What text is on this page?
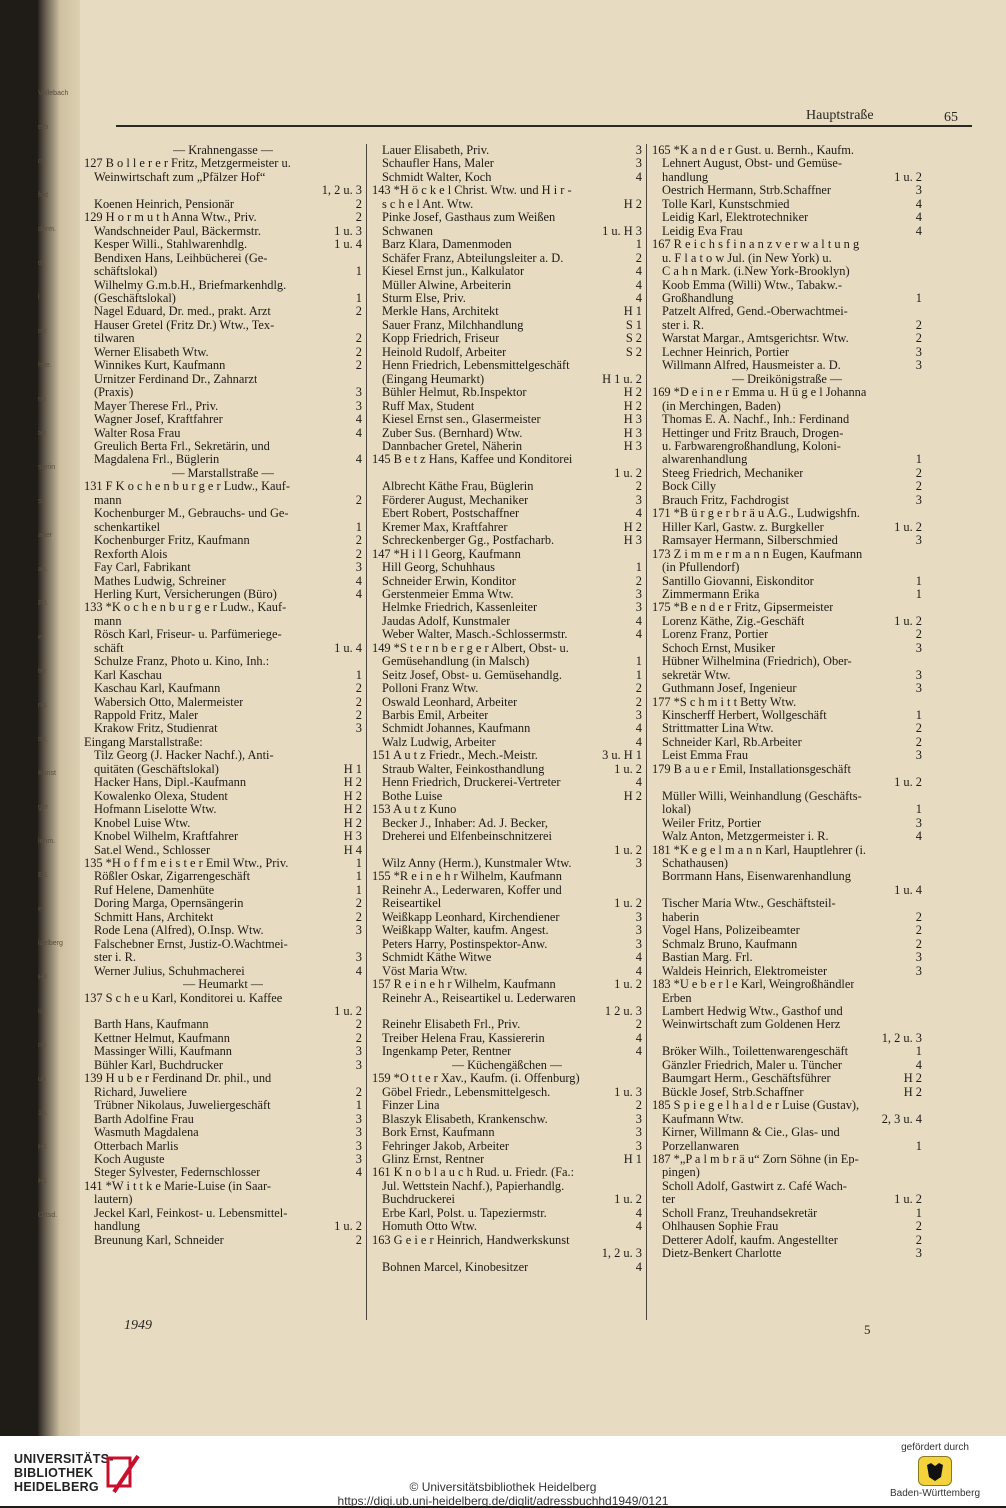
Vollebach
erb
o
frat
derm.
d.
l
ntr.
hfte.
ng
ter
sterin
st
ader
ab.
Frl.
e
ter
ng.
mi,
Kunst
ger
lehm.
Erl.
e
ldelberg
H3
u.
nh
uh
1u.
H1
H1
Ortsd.
Hauptstraße	65
— Krahnengasse —
127 B o l l e r e r Fritz, Metzgermeister u.
Weinwirtschaft zum „Pfälzer Hof“
1, 2 u. 3
Koenen Heinrich, Pensionär	2
129 H o r m u t h Anna Wtw., Priv.	2
Wandschneider Paul, Bäckermstr.	1 u. 3
Kesper Willi., Stahlwarenhdlg.	1 u. 4
Bendixen Hans, Leihbücherei (Ge-
schäftslokal)	1
Wilhelmy G.m.b.H., Briefmarkenhdlg.
(Geschäftslokal)	1
Nagel Eduard, Dr. med., prakt. Arzt	2
Hauser Gretel (Fritz Dr.) Wtw., Tex-
tilwaren	2
Werner Elisabeth Wtw.	2
Winnikes Kurt, Kaufmann	2
Urnitzer Ferdinand Dr., Zahnarzt
(Praxis)	3
Mayer Therese Frl., Priv.	3
Wagner Josef, Kraftfahrer	4
Walter Rosa Frau	4
Greulich Berta Frl., Sekretärin, und
Magdalena Frl., Büglerin	4
— Marstallstraße —
131 F K o c h e n b u r g e r Ludw., Kauf-
mann	2
Kochenburger M., Gebrauchs- und Ge-
schenkartikel	1
Kochenburger Fritz, Kaufmann	2
Rexforth Alois	2
Fay Carl, Fabrikant	3
Mathes Ludwig, Schreiner	4
Herling Kurt, Versicherungen (Büro)	4
133 *K o c h e n b u r g e r Ludw., Kauf-
mann
Rösch Karl, Friseur- u. Parfümeriege-
schäft	1 u. 4
Schulze Franz, Photo u. Kino, Inh.:
Karl Kaschau	1
Kaschau Karl, Kaufmann	2
Wabersich Otto, Malermeister	2
Rappold Fritz, Maler	2
Krakow Fritz, Studienrat	3
Eingang Marstallstraße:
Tilz Georg (J. Hacker Nachf.), Anti-
quitäten (Geschäftslokal)	H 1
Hacker Hans, Dipl.-Kaufmann	H 2
Kowalenko Olexa, Student	H 2
Hofmann Liselotte Wtw.	H 2
Knobel Luise Wtw.	H 2
Knobel Wilhelm, Kraftfahrer	H 3
Sat.el Wend., Schlosser	H 4
135 *H o f f m e i s t e r Emil Wtw., Priv.	1
Rößler Oskar, Zigarrengeschäft	1
Ruf Helene, Damenhüte	1
Doring Marga, Opernsängerin	2
Schmitt Hans, Architekt	2
Rode Lena (Alfred), O.Insp. Wtw.	3
Falschebner Ernst, Justiz-O.Wachtmei-
ster i. R.	3
Werner Julius, Schuhmacherei	4
— Heumarkt —
137 S c h e u Karl, Konditorei u. Kaffee
1 u. 2
Barth Hans, Kaufmann	2
Kettner Helmut, Kaufmann	2
Massinger Willi, Kaufmann	3
Bühler Karl, Buchdrucker	3
139 H u b e r Ferdinand Dr. phil., und
Richard, Juweliere	2
Trübner Nikolaus, Juweliergeschäft	1
Barth Adolfine Frau	3
Wasmuth Magdalena	3
Otterbach Marlis	3
Koch Auguste	3
Steger Sylvester, Federnschlosser	4
141 *W i t t k e Marie-Luise (in Saar-
lautern)
Jeckel Karl, Feinkost- u. Lebensmittel-
handlung	1 u. 2
Breunung Karl, Schneider	2
Lauer Elisabeth, Priv.	3
Schaufler Hans, Maler	3
Schmidt Walter, Koch	4
143 *H ö c k e l Christ. Wtw. und H i r -
s c h e l Ant. Wtw.	H 2
Pinke Josef, Gasthaus zum Weißen
Schwanen	1 u. H 3
Barz Klara, Damenmoden	1
Schäfer Franz, Abteilungsleiter a. D.	2
Kiesel Ernst jun., Kalkulator	4
Müller Alwine, Arbeiterin	4
Sturm Else, Priv.	4
Merkle Hans, Architekt	H 1
Sauer Franz, Milchhandlung	S 1
Kopp Friedrich, Friseur	S 2
Heinold Rudolf, Arbeiter	S 2
Henn Friedrich, Lebensmittelgeschäft
(Eingang Heumarkt)	H 1 u. 2
Bühler Helmut, Rb.Inspektor	H 2
Ruff Max, Student	H 2
Kiesel Ernst sen., Glasermeister	H 3
Zuber Sus. (Bernhard) Wtw.	H 3
Dannbacher Gretel, Näherin	H 3
145 B e t z Hans, Kaffee und Konditorei
1 u. 2
Albrecht Käthe Frau, Büglerin	2
Förderer August, Mechaniker	3
Ebert Robert, Postschaffner	4
Kremer Max, Kraftfahrer	H 2
Schreckenberger Gg., Postfacharb.	H 3
147 *H i l l Georg, Kaufmann
Hill Georg, Schuhhaus	1
Schneider Erwin, Konditor	2
Gerstenmeier Emma Wtw.	3
Helmke Friedrich, Kassenleiter	3
Jaudas Adolf, Kunstmaler	4
Weber Walter, Masch.-Schlossermstr.	4
149 *S t e r n b e r g e r Albert, Obst- u.
Gemüsehandlung (in Malsch)	1
Seitz Josef, Obst- u. Gemüsehandlg.	1
Polloni Franz Wtw.	2
Oswald Leonhard, Arbeiter	2
Barbis Emil, Arbeiter	3
Schmidt Johannes, Kaufmann	4
Walz Ludwig, Arbeiter	4
151 A u t z Friedr., Mech.-Meistr.	3 u. H 1
Straub Walter, Feinkosthandlung	1 u. 2
Henn Friedrich, Druckerei-Vertreter	4
Bothe Luise	H 2
153 A u t z Kuno
Becker J., Inhaber: Ad. J. Becker,
Dreherei und Elfenbeinschnitzerei
1 u. 2
Wilz Anny (Herm.), Kunstmaler Wtw.	3
155 *R e i n e h r Wilhelm, Kaufmann
Reinehr A., Lederwaren, Koffer und
Reiseartikel	1 u. 2
Weißkapp Leonhard, Kirchendiener	3
Weißkapp Walter, kaufm. Angest.	3
Peters Harry, Postinspektor-Anw.	3
Schmidt Käthe Witwe	4
Vöst Maria Wtw.	4
157 R e i n e h r Wilhelm, Kaufmann	1 u. 2
Reinehr A., Reiseartikel u. Lederwaren
1 2 u. 3
Reinehr Elisabeth Frl., Priv.	2
Treiber Helena Frau, Kassiererin	4
Ingenkamp Peter, Rentner	4
— Küchengäßchen —
159 *O t t e r Xav., Kaufm. (i. Offenburg)
Göbel Friedr., Lebensmittelgesch.	1 u. 3
Finzer Lina	2
Blaszyk Elisabeth, Krankenschw.	3
Bork Ernst, Kaufmann	3
Fehringer Jakob, Arbeiter	3
Glinz Ernst, Rentner	H 1
161 K n o b l a u c h Rud. u. Friedr. (Fa.:
Jul. Wettstein Nachf.), Papierhandlg.
Buchdruckerei	1 u. 2
Erbe Karl, Polst. u. Tapeziermstr.	4
Homuth Otto Wtw.	4
163 G e i e r Heinrich, Handwerkskunst
1, 2 u. 3
Bohnen Marcel, Kinobesitzer	4
165 *K a n d e r Gust. u. Bernh., Kaufm.
Lehnert August, Obst- und Gemüse-
handlung	1 u. 2
Oestrich Hermann, Strb.Schaffner	3
Tolle Karl, Kunstschmied	4
Leidig Karl, Elektrotechniker	4
Leidig Eva Frau	4
167 R e i c h s f i n a n z v e r w a l t u n g
u. F l a t o w Jul. (in New York) u.
C a h n Mark. (i.New York-Brooklyn)
Koob Emma (Willi) Wtw., Tabakw.-
Großhandlung	1
Patzelt Alfred, Gend.-Oberwachtmei-
ster i. R.	2
Warstat Margar., Amtsgerichtsr. Wtw.	2
Lechner Heinrich, Portier	3
Willmann Alfred, Hausmeister a. D.	3
— Dreikönigstraße —
169 *D e i n e r Emma u. H ü g e l Johanna
(in Merchingen, Baden)
Thomas E. A. Nachf., Inh.: Ferdinand
Hettinger und Fritz Brauch, Drogen-
u. Farbwarengroßhandlung, Koloni-
alwarenhandlung	1
Steeg Friedrich, Mechaniker	2
Bock Cilly	2
Brauch Fritz, Fachdrogist	3
171 *B ü r g e r b r ä u A.G., Ludwigshfn.
Hiller Karl, Gastw. z. Burgkeller	1 u. 2
Ramsayer Hermann, Silberschmied	3
173 Z i m m e r m a n n Eugen, Kaufmann
(in Pfullendorf)
Santillo Giovanni, Eiskonditor	1
Zimmermann Erika	1
175 *B e n d e r Fritz, Gipsermeister
Lorenz Käthe, Zig.-Geschäft	1 u. 2
Lorenz Franz, Portier	2
Schoch Ernst, Musiker	3
Hübner Wilhelmina (Friedrich), Ober-
sekretär Wtw.	3
Guthmann Josef, Ingenieur	3
177 *S c h m i t t Betty Wtw.
Kinscherff Herbert, Wollgeschäft	1
Strittmatter Lina Wtw.	2
Schneider Karl, Rb.Arbeiter	2
Leist Emma Frau	3
179 B a u e r Emil, Installationsgeschäft
1 u. 2
Müller Willi, Weinhandlung (Geschäfts-
lokal)	1
Weiler Fritz, Portier	3
Walz Anton, Metzgermeister i. R.	4
181 *K e g e l m a n n Karl, Hauptlehrer (i.
Schathausen)
Borrmann Hans, Eisenwarenhandlung
1 u. 4
Tischer Maria Wtw., Geschäftsteil-
haberin	2
Vogel Hans, Polizeibeamter	2
Schmalz Bruno, Kaufmann	2
Bastian Marg. Frl.	3
Waldeis Heinrich, Elektromeister	3
183 *U e b e r l e Karl, Weingroßhändler
Erben
Lambert Hedwig Wtw., Gasthof und
Weinwirtschaft zum Goldenen Herz
1, 2 u. 3
Bröker Wilh., Toilettenwarengeschäft	1
Gänzler Friedrich, Maler u. Tüncher	4
Baumgart Herm., Geschäftsführer	H 2
Bückle Josef, Strb.Schaffner	H 2
185 S p i e g e l h a l d e r Luise (Gustav),
Kaufmann Wtw.	2, 3 u. 4
Kirner, Willmann & Cie., Glas- und
Porzellanwaren	1
187 *„P a l m b r ä u“ Zorn Söhne (in Ep-
pingen)
Scholl Adolf, Gastwirt z. Café Wach-
ter	1 u. 2
Scholl Franz, Treuhandsekretär	1
Ohlhausen Sophie Frau	2
Detterer Adolf, kaufm. Angestellter	2
Dietz-Benkert Charlotte	3
1949	5
UNIVERSITÄTS-
BIBLIOTHEK
HEIDELBERG	© Universitätsbibliothek Heidelberg
https://digi.ub.uni-heidelberg.de/diglit/adressbuchhd1949/0121
gefördert durch
Baden-Württemberg
